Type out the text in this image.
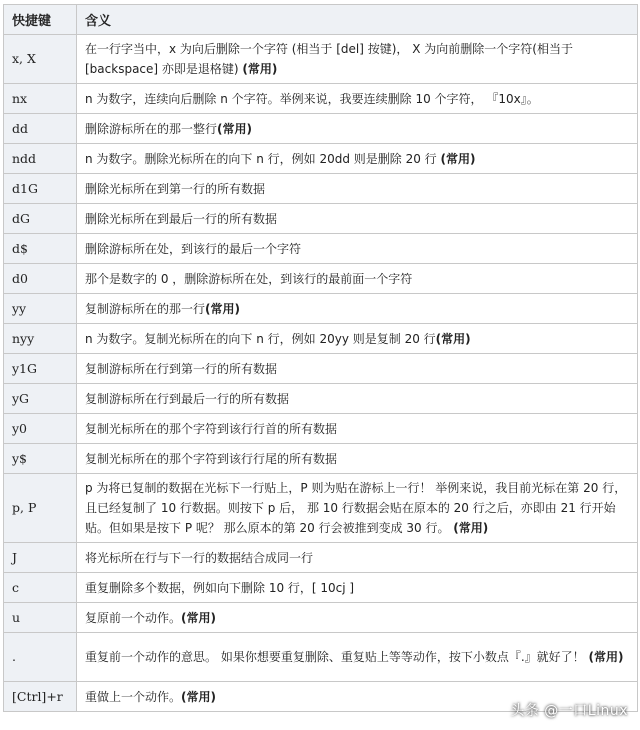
快捷键	含义
x, X	在一行字当中，x 为向后删除一个字符 (相当于 [del] 按键)， X 为向前删除一个字符(相当于 [backspace] 亦即是退格键) (常用)
nx	n 为数字，连续向后删除 n 个字符。举例来说，我要连续删除 10 个字符， 『10x』。
dd	删除游标所在的那一整行(常用)
ndd	n 为数字。删除光标所在的向下 n 行，例如 20dd 则是删除 20 行 (常用)
d1G	删除光标所在到第一行的所有数据
dG	删除光标所在到最后一行的所有数据
d$	删除游标所在处，到该行的最后一个字符
d0	那个是数字的 0 ，删除游标所在处，到该行的最前面一个字符
yy	复制游标所在的那一行(常用)
nyy	n 为数字。复制光标所在的向下 n 行，例如 20yy 则是复制 20 行(常用)
y1G	复制游标所在行到第一行的所有数据
yG	复制游标所在行到最后一行的所有数据
y0	复制光标所在的那个字符到该行行首的所有数据
y$	复制光标所在的那个字符到该行行尾的所有数据
p, P	p 为将已复制的数据在光标下一行贴上，P 则为贴在游标上一行！ 举例来说，我目前光标在第 20 行，且已经复制了 10 行数据。则按下 p 后， 那 10 行数据会贴在原本的 20 行之后，亦即由 21 行开始贴。但如果是按下 P 呢？ 那么原本的第 20 行会被推到变成 30 行。 (常用)
J	将光标所在行与下一行的数据结合成同一行
c	重复删除多个数据，例如向下删除 10 行，[ 10cj ]
u	复原前一个动作。(常用)
.	重复前一个动作的意思。 如果你想要重复删除、重复贴上等等动作，按下小数点『.』就好了！ (常用)
[Ctrl]+r	重做上一个动作。(常用)
头条 @一口Linux
